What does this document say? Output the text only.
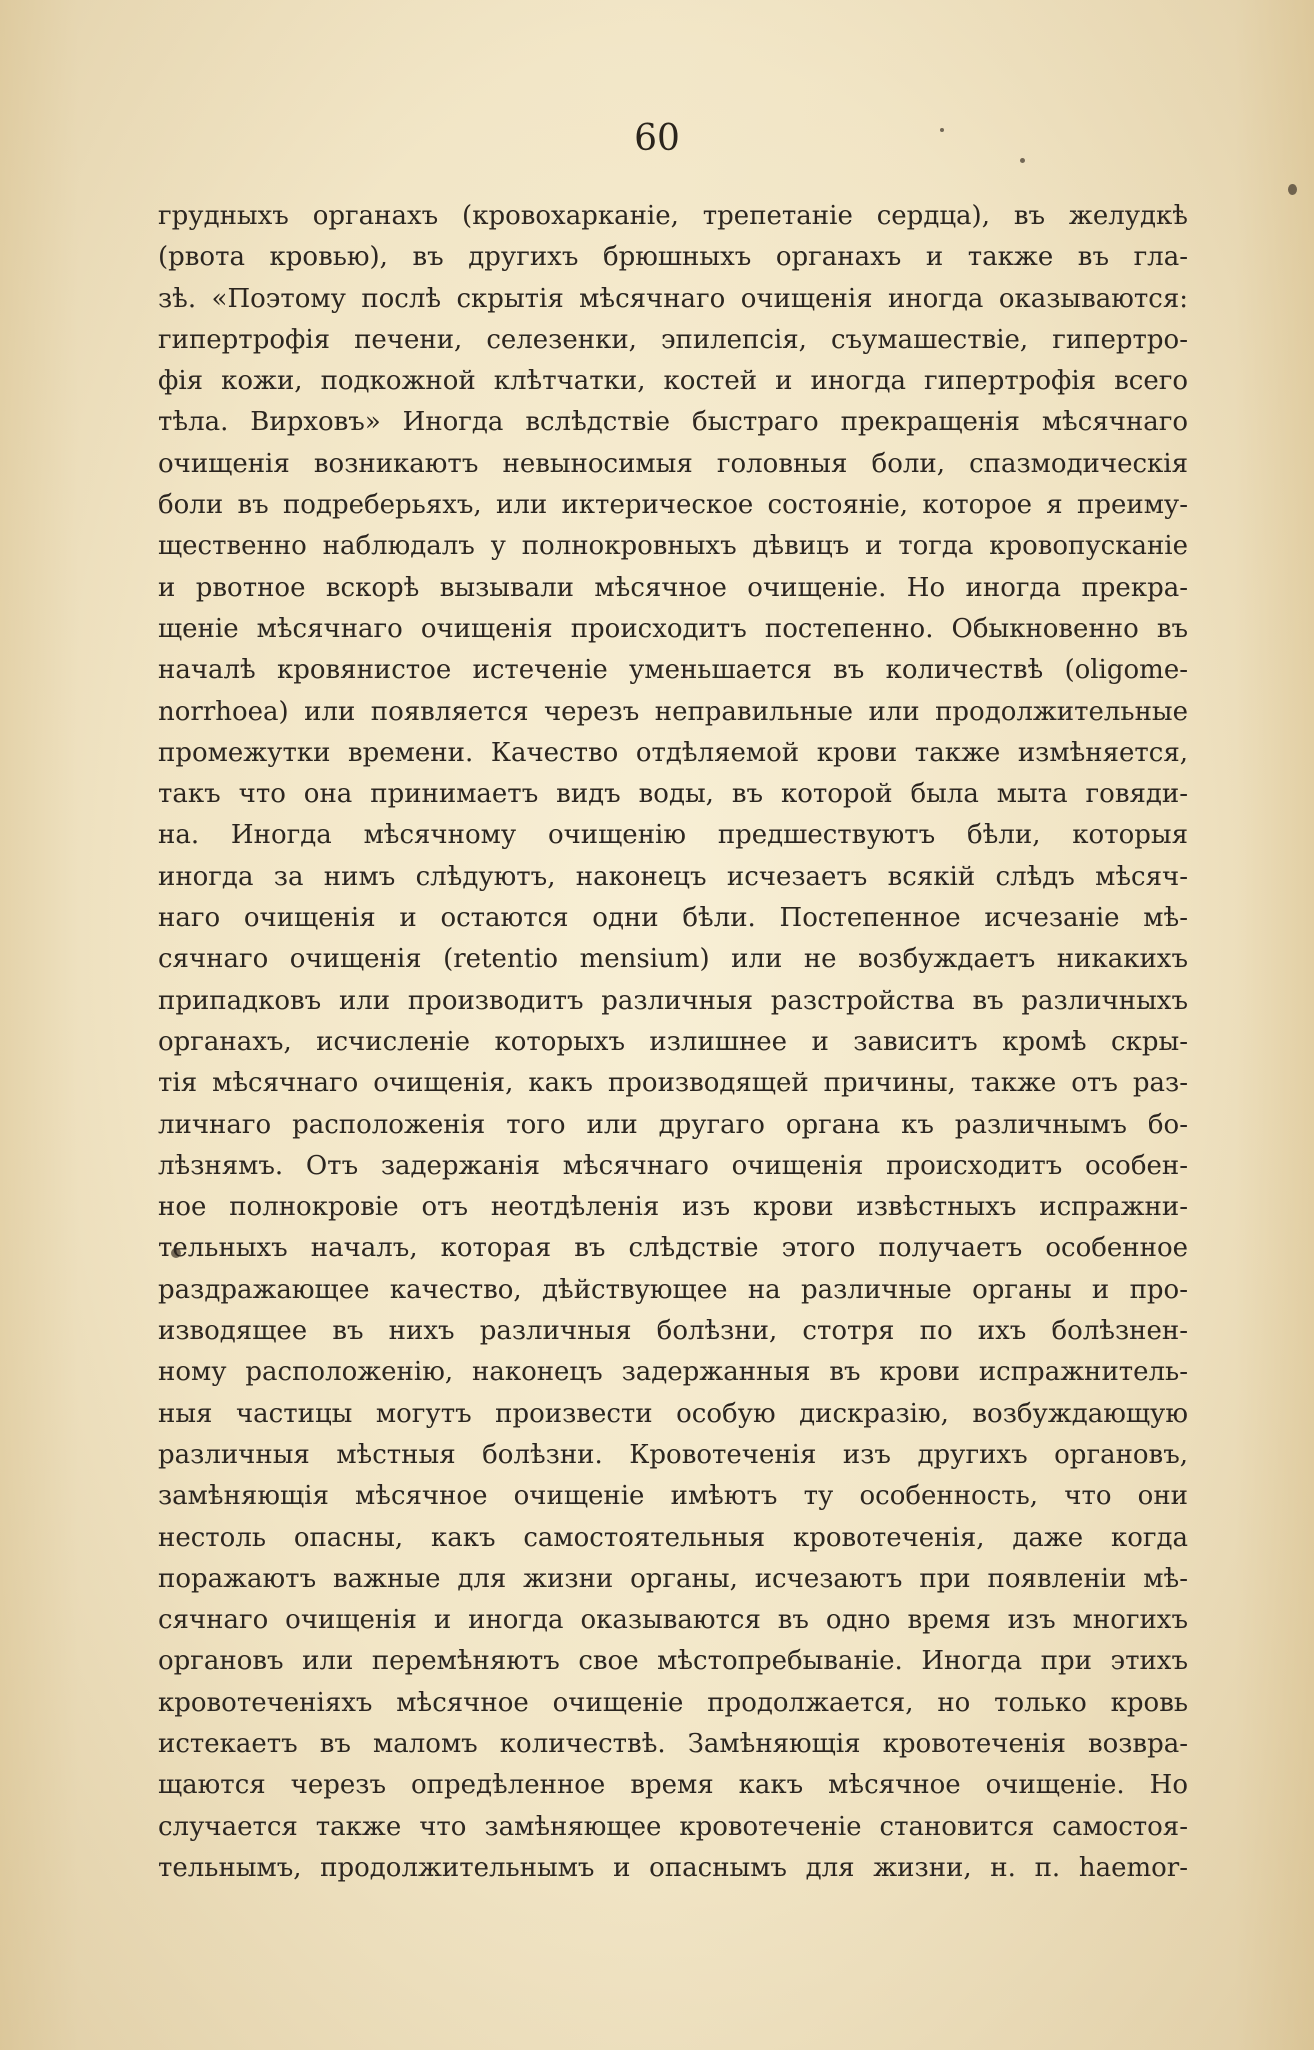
60
грудныхъ органахъ (кровохарканіе, трепетаніе сердца), въ желудкѣ
(рвота кровью), въ другихъ брюшныхъ органахъ и также въ гла-
зѣ. «Поэтому послѣ скрытія мѣсячнаго очищенія иногда оказываются:
гипертрофія печени, селезенки, эпилепсія, съумашествіе, гипертро-
фія кожи, подкожной клѣтчатки, костей и иногда гипертрофія всего
тѣла. Вирховъ» Иногда вслѣдствіе быстраго прекращенія мѣсячнаго
очищенія возникаютъ невыносимыя головныя боли, спазмодическія
боли въ подреберьяхъ, или иктерическое состояніе, которое я преиму-
щественно наблюдалъ у полнокровныхъ дѣвицъ и тогда кровопусканіе
и рвотное вскорѣ вызывали мѣсячное очищеніе. Но иногда прекра-
щеніе мѣсячнаго очищенія происходитъ постепенно. Обыкновенно въ
началѣ кровянистое истеченіе уменьшается въ количествѣ (oligome-
norrhoea) или появляется черезъ неправильные или продолжительные
промежутки времени. Качество отдѣляемой крови также измѣняется,
такъ что она принимаетъ видъ воды, въ которой была мыта говяди-
на. Иногда мѣсячному очищенію предшествуютъ бѣли, которыя
иногда за нимъ слѣдуютъ, наконецъ исчезаетъ всякій слѣдъ мѣсяч-
наго очищенія и остаются одни бѣли. Постепенное исчезаніе мѣ-
сячнаго очищенія (retentio mensium) или не возбуждаетъ никакихъ
припадковъ или производитъ различныя разстройства въ различныхъ
органахъ, исчисленіе которыхъ излишнее и зависитъ кромѣ скры-
тія мѣсячнаго очищенія, какъ производящей причины, также отъ раз-
личнаго расположенія того или другаго органа къ различнымъ бо-
лѣзнямъ. Отъ задержанія мѣсячнаго очищенія происходитъ особен-
ное полнокровіе отъ неотдѣленія изъ крови извѣстныхъ испражни-
тельныхъ началъ, которая въ слѣдствіе этого получаетъ особенное
раздражающее качество, дѣйствующее на различные органы и про-
изводящее въ нихъ различныя болѣзни, стотря по ихъ болѣзнен-
ному расположенію, наконецъ задержанныя въ крови испражнитель-
ныя частицы могутъ произвести особую дискразію, возбуждающую
различныя мѣстныя болѣзни. Кровотеченія изъ другихъ органовъ,
замѣняющія мѣсячное очищеніе имѣютъ ту особенность, что они
нестоль опасны, какъ самостоятельныя кровотеченія, даже когда
поражаютъ важные для жизни органы, исчезаютъ при появленіи мѣ-
сячнаго очищенія и иногда оказываются въ одно время изъ многихъ
органовъ или перемѣняютъ свое мѣстопребываніе. Иногда при этихъ
кровотеченіяхъ мѣсячное очищеніе продолжается, но только кровь
истекаетъ въ маломъ количествѣ. Замѣняющія кровотеченія возвра-
щаются черезъ опредѣленное время какъ мѣсячное очищеніе. Но
случается также что замѣняющее кровотеченіе становится самостоя-
тельнымъ, продолжительнымъ и опаснымъ для жизни, н. п. haemor-
